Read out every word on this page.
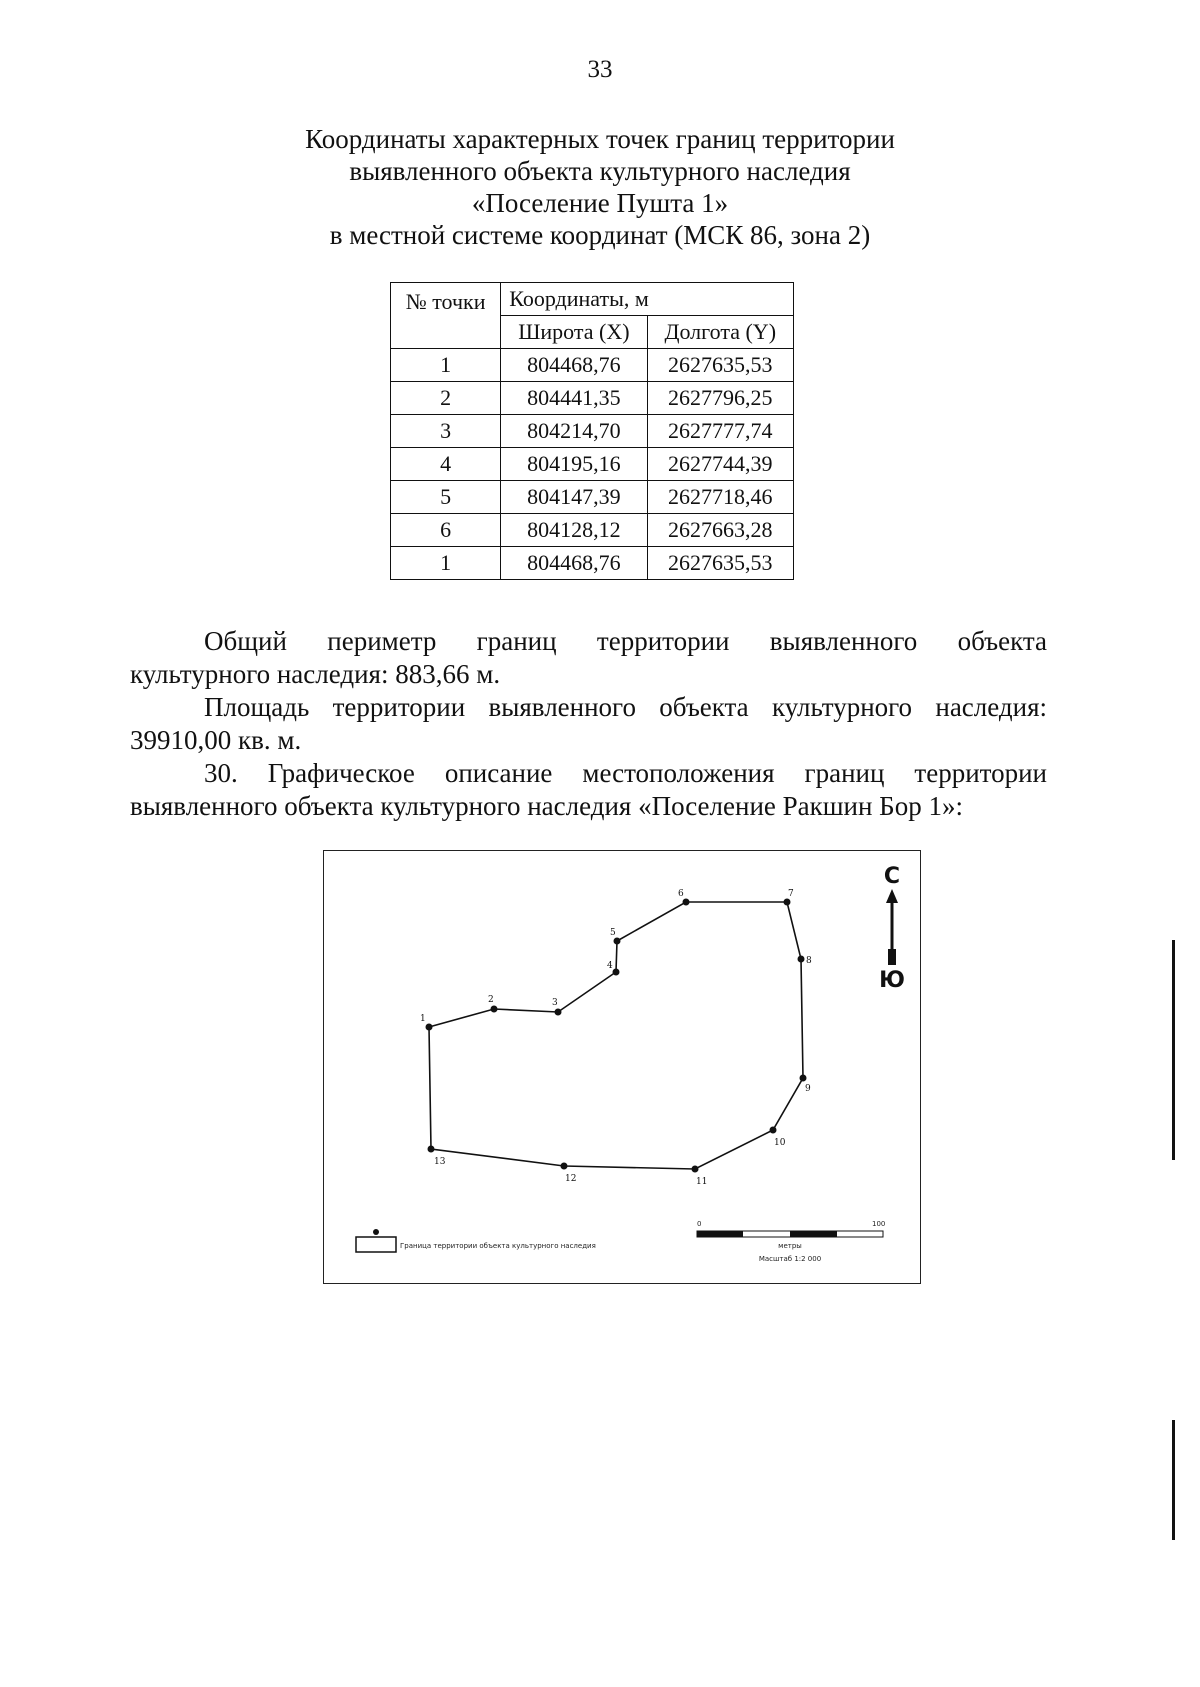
33
Координаты характерных точек границ территории
выявленного объекта культурного наследия
«Поселение Пушта 1»
в местной системе координат (МСК 86, зона 2)
№ точки	Координаты, м	
	Широта (X)	Долгота (Y)
1	804468,76	2627635,53
2	804441,35	2627796,25
3	804214,70	2627777,74
4	804195,16	2627744,39
5	804147,39	2627718,46
6	804128,12	2627663,28
1	804468,76	2627635,53
Общий периметр границ территории выявленного объекта
культурного наследия: 883,66 м.
Площадь территории выявленного объекта культурного наследия:
39910,00 кв. м.
30. Графическое описание местоположения границ территории
выявленного объекта культурного наследия «Поселение Ракшин Бор 1»:
1
2	3
4
5
6	7
8
9
10
11
12
13
С
Ю
Граница территории объекта культурного наследия
0	100
метры
Масштаб 1:2 000
